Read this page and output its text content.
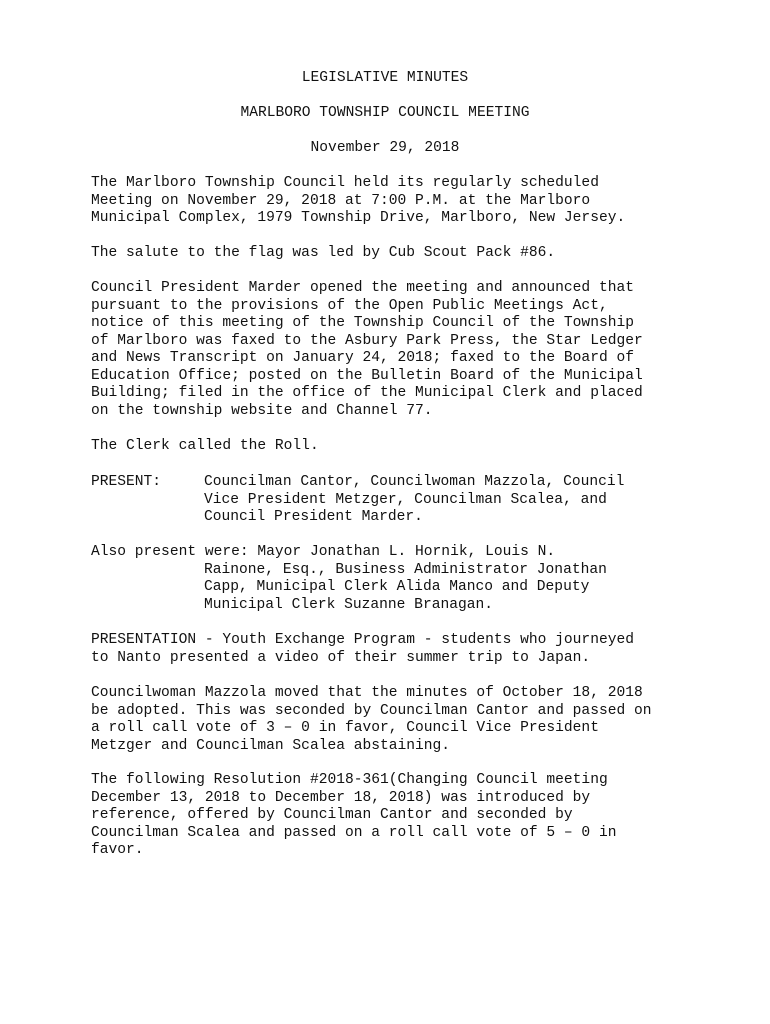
LEGISLATIVE MINUTES
MARLBORO TOWNSHIP COUNCIL MEETING
November 29, 2018
The Marlboro Township Council held its regularly scheduled
Meeting on November 29, 2018 at 7:00 P.M. at the Marlboro
Municipal Complex, 1979 Township Drive, Marlboro, New Jersey.
The salute to the flag was led by Cub Scout Pack #86.
Council President Marder opened the meeting and announced that
pursuant to the provisions of the Open Public Meetings Act,
notice of this meeting of the Township Council of the Township
of Marlboro was faxed to the Asbury Park Press, the Star Ledger
and News Transcript on January 24, 2018; faxed to the Board of
Education Office; posted on the Bulletin Board of the Municipal
Building; filed in the office of the Municipal Clerk and placed
on the township website and Channel 77.
The Clerk called the Roll.
PRESENT:	Councilman Cantor, Councilwoman Mazzola, Council
Vice President Metzger, Councilman Scalea, and
Council President Marder.
Also present were: Mayor Jonathan L. Hornik, Louis N.
Rainone, Esq., Business Administrator Jonathan
Capp, Municipal Clerk Alida Manco and Deputy
Municipal Clerk Suzanne Branagan.
PRESENTATION - Youth Exchange Program - students who journeyed
to Nanto presented a video of their summer trip to Japan.
Councilwoman Mazzola moved that the minutes of October 18, 2018
be adopted. This was seconded by Councilman Cantor and passed on
a roll call vote of 3 – 0 in favor, Council Vice President
Metzger and Councilman Scalea abstaining.
The following Resolution #2018-361(Changing Council meeting
December 13, 2018 to December 18, 2018) was introduced by
reference, offered by Councilman Cantor and seconded by
Councilman Scalea and passed on a roll call vote of 5 – 0 in
favor.
